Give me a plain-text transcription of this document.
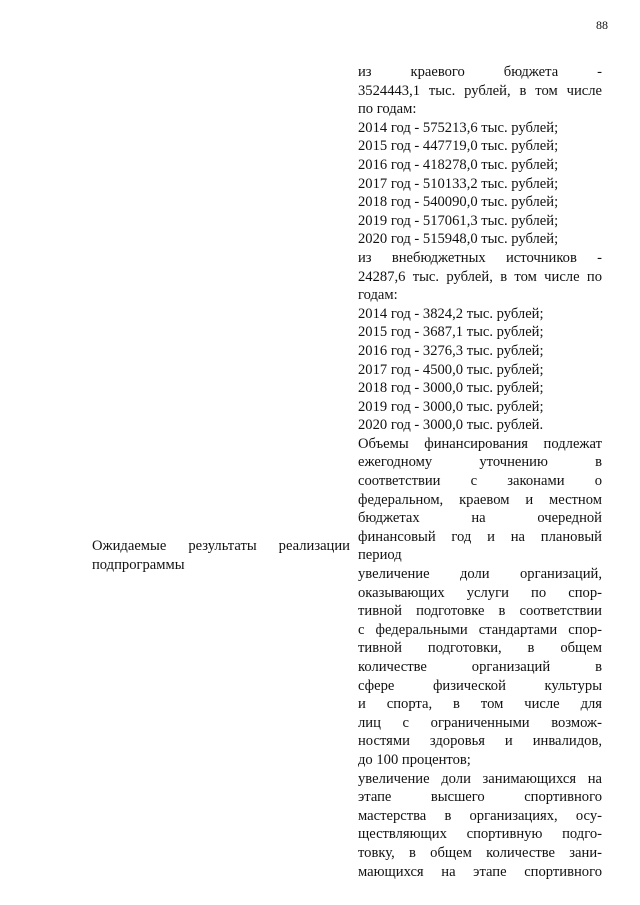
88
из краевого бюджета -
3524443,1 тыс. рублей, в том числе
по годам:
2014 год - 575213,6 тыс. рублей;
2015 год - 447719,0 тыс. рублей;
2016 год - 418278,0 тыс. рублей;
2017 год - 510133,2 тыс. рублей;
2018 год - 540090,0 тыс. рублей;
2019 год - 517061,3 тыс. рублей;
2020 год - 515948,0 тыс. рублей;
из внебюджетных источников -
24287,6 тыс. рублей, в том числе по
годам:
2014 год - 3824,2 тыс. рублей;
2015 год - 3687,1 тыс. рублей;
2016 год - 3276,3 тыс. рублей;
2017 год - 4500,0 тыс. рублей;
2018 год - 3000,0 тыс. рублей;
2019 год - 3000,0 тыс. рублей;
2020 год - 3000,0 тыс. рублей.
Объемы финансирования подлежат
ежегодному уточнению в
соответствии с законами о
федеральном, краевом и местном
бюджетах на очередной
финансовый год и на плановый
период
увеличение доли организаций,
оказывающих услуги по спор-
тивной подготовке в соответствии
с федеральными стандартами спор-
тивной подготовки, в общем
количестве организаций в
сфере физической культуры
и спорта, в том числе для
лиц с ограниченными возмож-
ностями здоровья и инвалидов,
до 100 процентов;
увеличение доли занимающихся на
этапе высшего спортивного
мастерства в организациях, осу-
ществляющих спортивную подго-
товку, в общем количестве зани-
мающихся на этапе спортивного
Ожидаемые результаты реализации
подпрограммы
